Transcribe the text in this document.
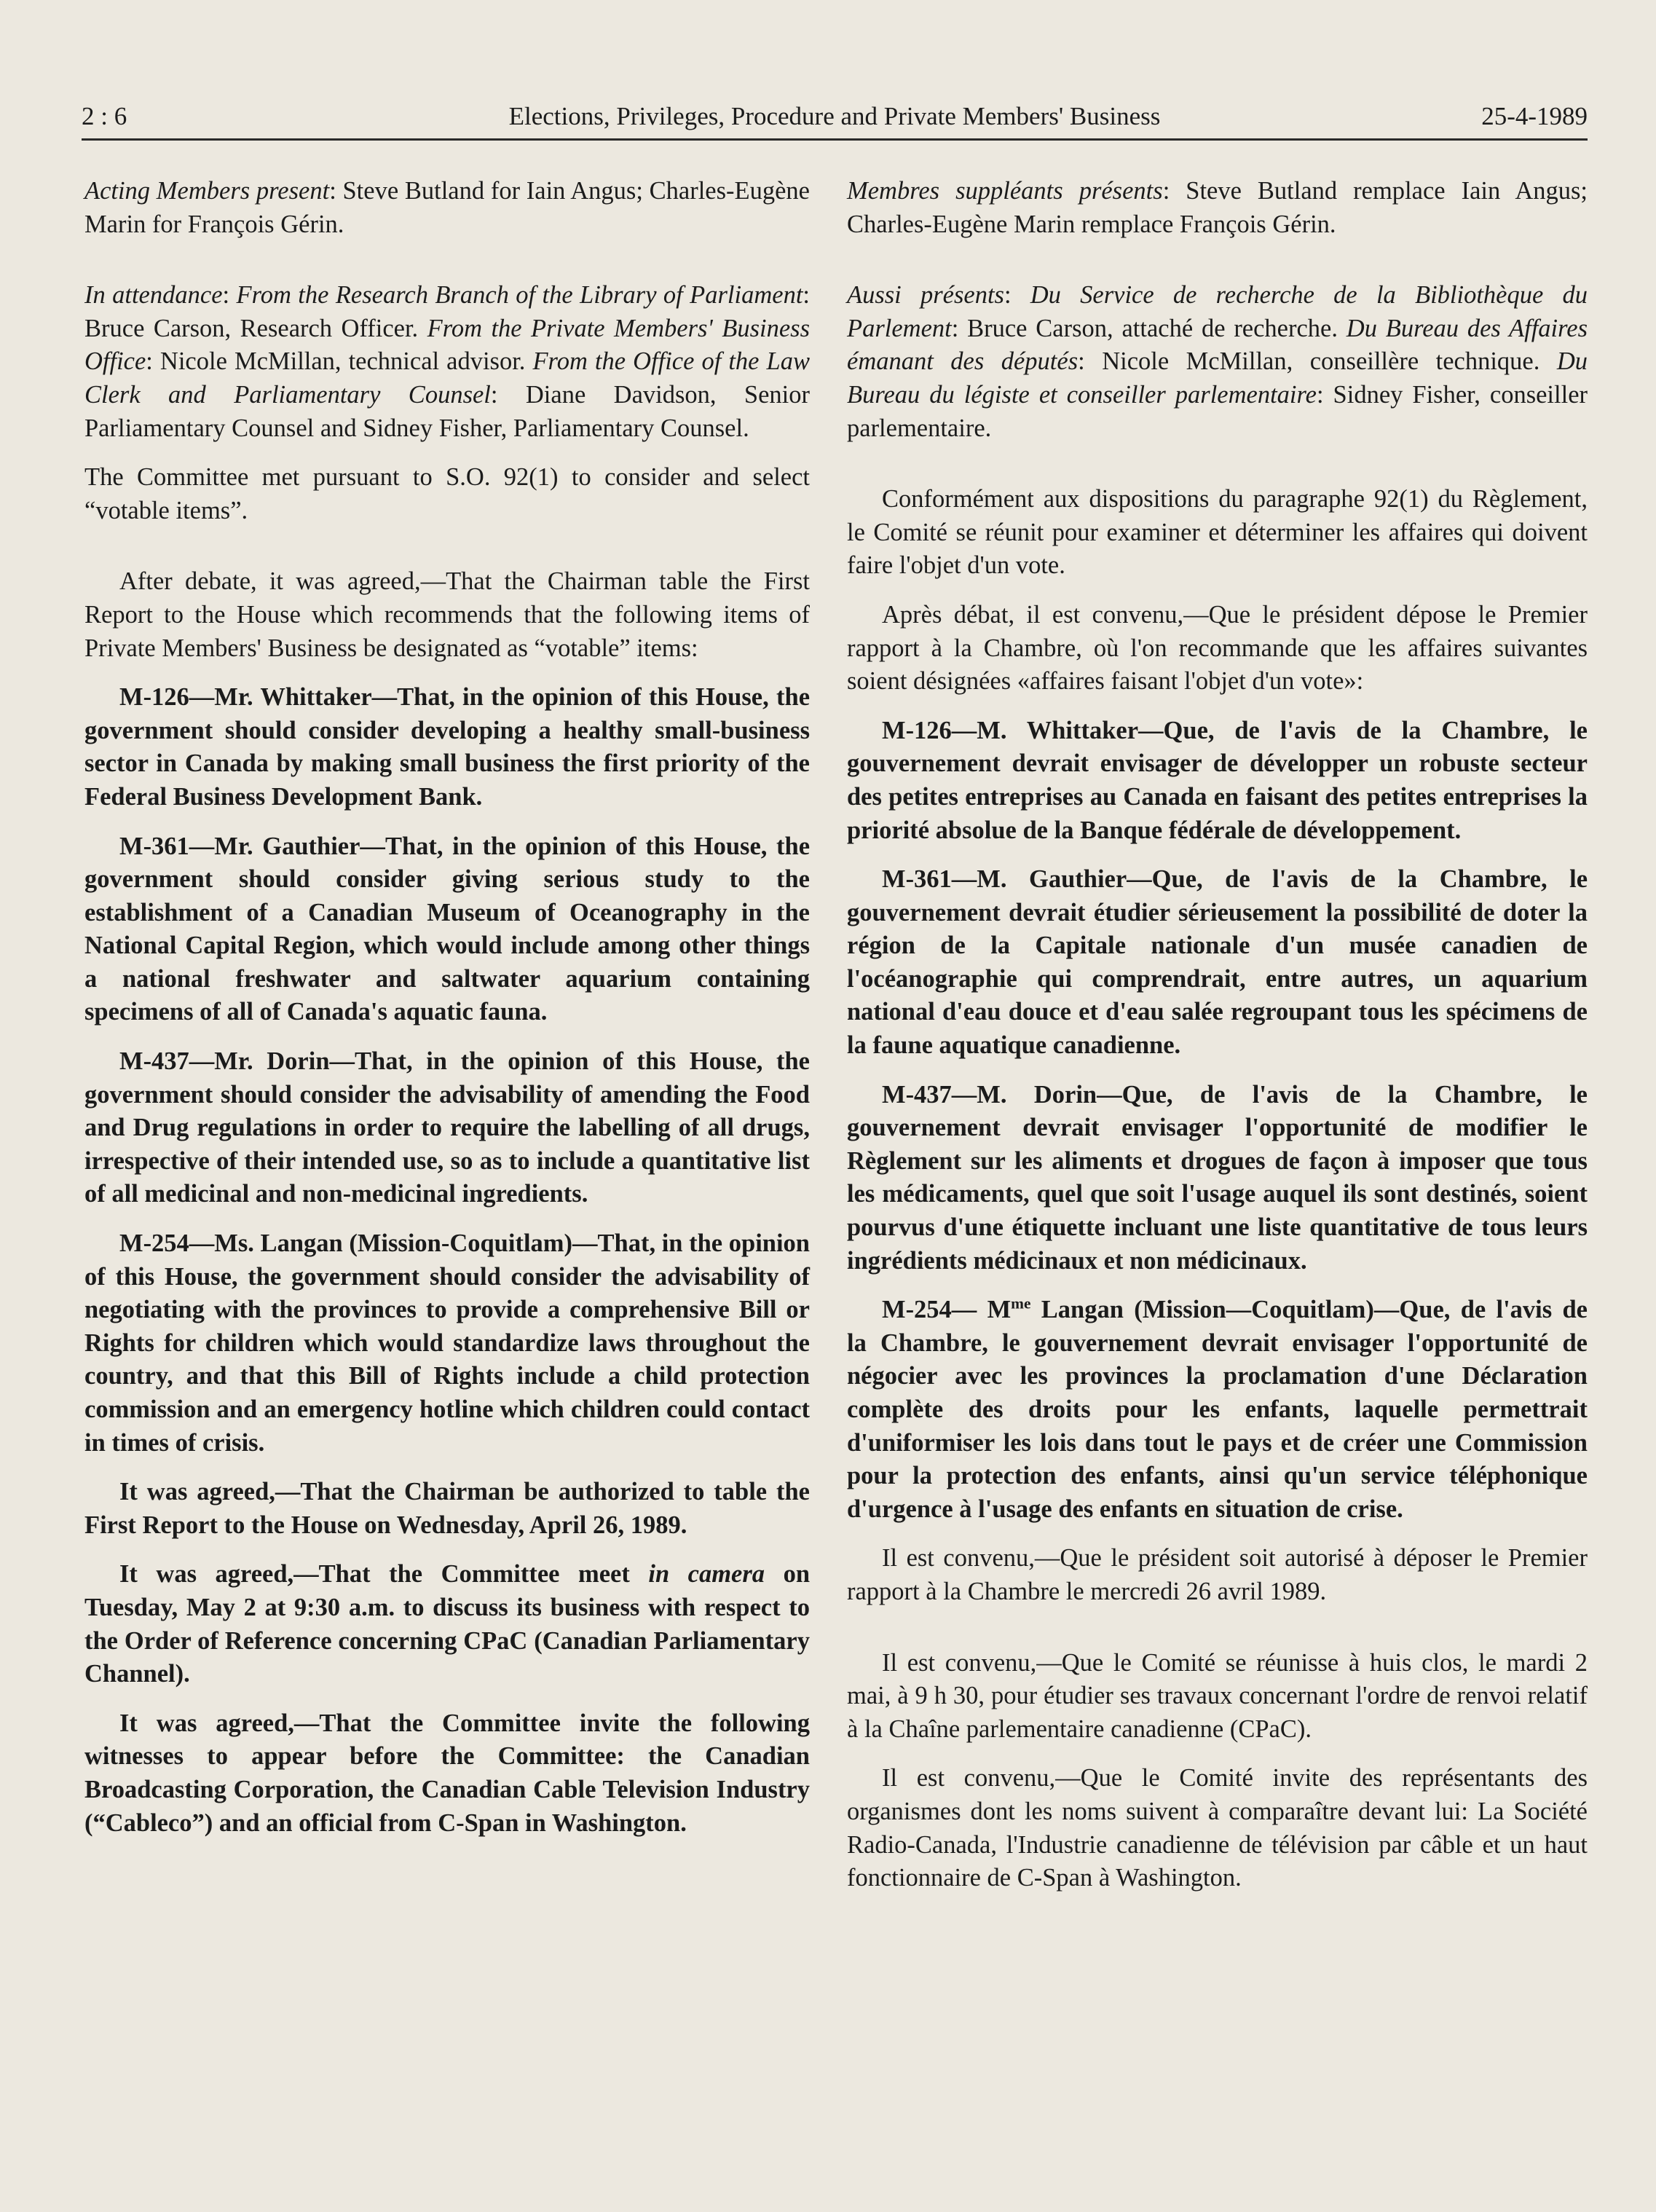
2 : 6	Elections, Privileges, Procedure and Private Members' Business	25-4-1989

Acting Members present: Steve Butland for Iain Angus; Charles-Eugène Marin for François Gérin.

In attendance: From the Research Branch of the Library of Parliament: Bruce Carson, Research Officer. From the Private Members' Business Office: Nicole McMillan, technical advisor. From the Office of the Law Clerk and Parliamentary Counsel: Diane Davidson, Senior Parliamentary Counsel and Sidney Fisher, Parliamentary Counsel.

The Committee met pursuant to S.O. 92(1) to consider and select “votable items”.

After debate, it was agreed,—That the Chairman table the First Report to the House which recommends that the following items of Private Members' Business be designated as “votable” items:

M-126—Mr. Whittaker—That, in the opinion of this House, the government should consider developing a healthy small-business sector in Canada by making small business the first priority of the Federal Business Development Bank.

M-361—Mr. Gauthier—That, in the opinion of this House, the government should consider giving serious study to the establishment of a Canadian Museum of Oceanography in the National Capital Region, which would include among other things a national freshwater and saltwater aquarium containing specimens of all of Canada's aquatic fauna.

M-437—Mr. Dorin—That, in the opinion of this House, the government should consider the advisability of amending the Food and Drug regulations in order to require the labelling of all drugs, irrespective of their intended use, so as to include a quantitative list of all medicinal and non-medicinal ingredients.

M-254—Ms. Langan (Mission-Coquitlam)—That, in the opinion of this House, the government should consider the advisability of negotiating with the provinces to provide a comprehensive Bill or Rights for children which would standardize laws throughout the country, and that this Bill of Rights include a child protection commission and an emergency hotline which children could contact in times of crisis.

It was agreed,—That the Chairman be authorized to table the First Report to the House on Wednesday, April 26, 1989.

It was agreed,—That the Committee meet in camera on Tuesday, May 2 at 9:30 a.m. to discuss its business with respect to the Order of Reference concerning CPaC (Canadian Parliamentary Channel).

It was agreed,—That the Committee invite the following witnesses to appear before the Committee: the Canadian Broadcasting Corporation, the Canadian Cable Television Industry (“Cableco”) and an official from C-Span in Washington.

Membres suppléants présents: Steve Butland remplace Iain Angus; Charles-Eugène Marin remplace François Gérin.

Aussi présents: Du Service de recherche de la Bibliothèque du Parlement: Bruce Carson, attaché de recherche. Du Bureau des Affaires émanant des députés: Nicole McMillan, conseillère technique. Du Bureau du légiste et conseiller parlementaire: Sidney Fisher, conseiller parlementaire.

Conformément aux dispositions du paragraphe 92(1) du Règlement, le Comité se réunit pour examiner et déterminer les affaires qui doivent faire l'objet d'un vote.

Après débat, il est convenu,—Que le président dépose le Premier rapport à la Chambre, où l'on recommande que les affaires suivantes soient désignées «affaires faisant l'objet d'un vote»:

M-126—M. Whittaker—Que, de l'avis de la Chambre, le gouvernement devrait envisager de développer un robuste secteur des petites entreprises au Canada en faisant des petites entreprises la priorité absolue de la Banque fédérale de développement.

M-361—M. Gauthier—Que, de l'avis de la Chambre, le gouvernement devrait étudier sérieusement la possibilité de doter la région de la Capitale nationale d'un musée canadien de l'océanographie qui comprendrait, entre autres, un aquarium national d'eau douce et d'eau salée regroupant tous les spécimens de la faune aquatique canadienne.

M-437—M. Dorin—Que, de l'avis de la Chambre, le gouvernement devrait envisager l'opportunité de modifier le Règlement sur les aliments et drogues de façon à imposer que tous les médicaments, quel que soit l'usage auquel ils sont destinés, soient pourvus d'une étiquette incluant une liste quantitative de tous leurs ingrédients médicinaux et non médicinaux.

M-254— $M^{me}$ Langan (Mission—Coquitlam)—Que, de l'avis de la Chambre, le gouvernement devrait envisager l'opportunité de négocier avec les provinces la proclamation d'une Déclaration complète des droits pour les enfants, laquelle permettrait d'uniformiser les lois dans tout le pays et de créer une Commission pour la protection des enfants, ainsi qu'un service téléphonique d'urgence à l'usage des enfants en situation de crise.

Il est convenu,—Que le président soit autorisé à déposer le Premier rapport à la Chambre le mercredi 26 avril 1989.

Il est convenu,—Que le Comité se réunisse à huis clos, le mardi 2 mai, à 9 h 30, pour étudier ses travaux concernant l'ordre de renvoi relatif à la Chaîne parlementaire canadienne (CPaC).

Il est convenu,—Que le Comité invite des représentants des organismes dont les noms suivent à comparaître devant lui: La Société Radio-Canada, l'Industrie canadienne de télévision par câble et un haut fonctionnaire de C-Span à Washington.
